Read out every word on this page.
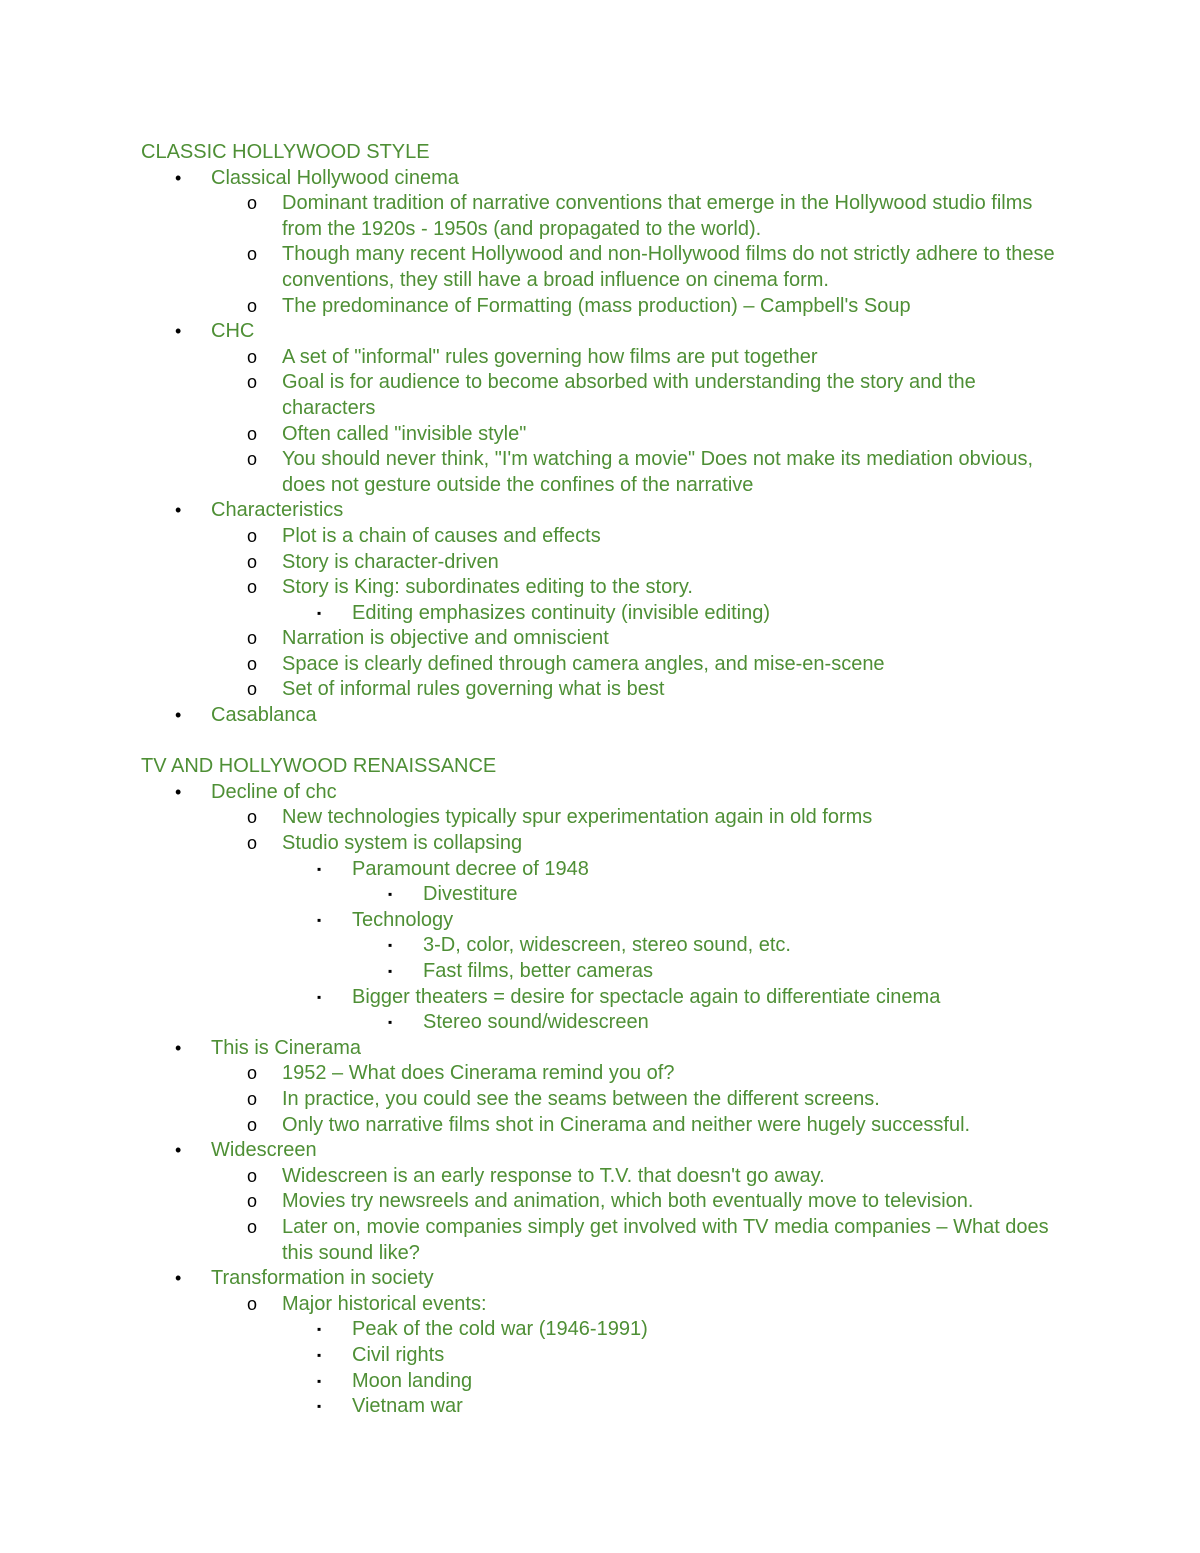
CLASSIC HOLLYWOOD STYLE
• Classical Hollywood cinema
o Dominant tradition of narrative conventions that emerge in the Hollywood studio films from the 1920s - 1950s (and propagated to the world).
o Though many recent Hollywood and non-Hollywood films do not strictly adhere to these conventions, they still have a broad influence on cinema form.
o The predominance of Formatting (mass production) – Campbell's Soup
• CHC
o A set of "informal" rules governing how films are put together
o Goal is for audience to become absorbed with understanding the story and the characters
o Often called "invisible style"
o You should never think, "I'm watching a movie" Does not make its mediation obvious, does not gesture outside the confines of the narrative
• Characteristics
o Plot is a chain of causes and effects
o Story is character-driven
o Story is King: subordinates editing to the story.
▪ Editing emphasizes continuity (invisible editing)
o Narration is objective and omniscient
o Space is clearly defined through camera angles, and mise-en-scene
o Set of informal rules governing what is best
• Casablanca
TV AND HOLLYWOOD RENAISSANCE
• Decline of chc
o New technologies typically spur experimentation again in old forms
o Studio system is collapsing
▪ Paramount decree of 1948
▪ Divestiture
▪ Technology
▪ 3-D, color, widescreen, stereo sound, etc.
▪ Fast films, better cameras
▪ Bigger theaters = desire for spectacle again to differentiate cinema
▪ Stereo sound/widescreen
• This is Cinerama
o 1952 – What does Cinerama remind you of?
o In practice, you could see the seams between the different screens.
o Only two narrative films shot in Cinerama and neither were hugely successful.
• Widescreen
o Widescreen is an early response to T.V. that doesn't go away.
o Movies try newsreels and animation, which both eventually move to television.
o Later on, movie companies simply get involved with TV media companies – What does this sound like?
• Transformation in society
o Major historical events:
▪ Peak of the cold war (1946-1991)
▪ Civil rights
▪ Moon landing
▪ Vietnam war
